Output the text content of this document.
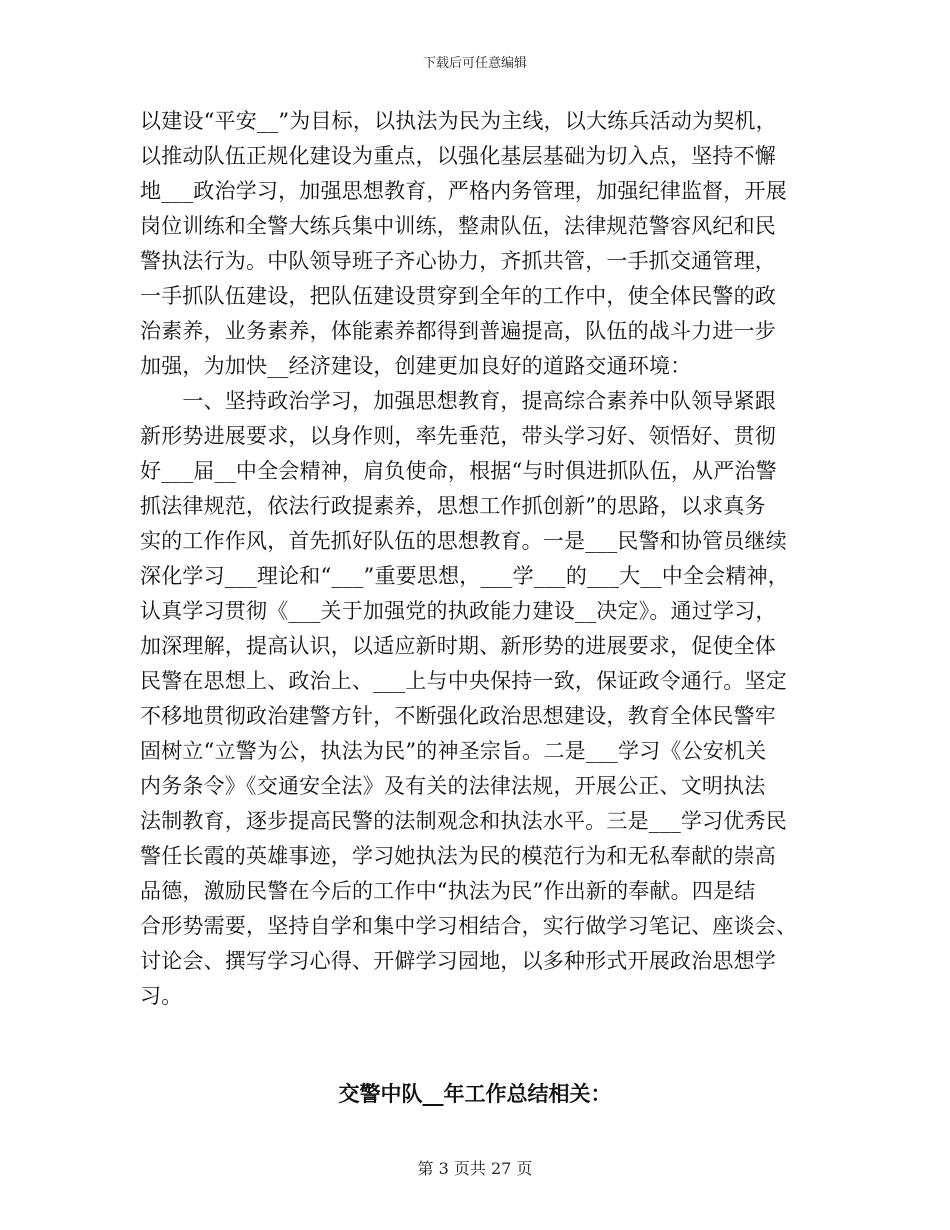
下载后可任意编辑
以建设“平安__”为目标，以执法为民为主线，以大练兵活动为契机，
以推动队伍正规化建设为重点，以强化基层基础为切入点，坚持不懈
地___政治学习，加强思想教育，严格内务管理，加强纪律监督，开展
岗位训练和全警大练兵集中训练，整肃队伍，法律规范警容风纪和民
警执法行为。中队领导班子齐心协力，齐抓共管，一手抓交通管理，
一手抓队伍建设，把队伍建设贯穿到全年的工作中，使全体民警的政
治素养，业务素养，体能素养都得到普遍提高，队伍的战斗力进一步
加强，为加快__经济建设，创建更加良好的道路交通环境：
　　一、坚持政治学习，加强思想教育，提高综合素养中队领导紧跟
新形势进展要求，以身作则，率先垂范，带头学习好、领悟好、贯彻
好___届__中全会精神，肩负使命，根据“与时俱进抓队伍，从严治警
抓法律规范，依法行政提素养，思想工作抓创新”的思路，以求真务
实的工作作风，首先抓好队伍的思想教育。一是___民警和协管员继续
深化学习___理论和“___”重要思想，___学___的___大__中全会精神，
认真学习贯彻《___关于加强党的执政能力建设__决定》。通过学习，
加深理解，提高认识，以适应新时期、新形势的进展要求，促使全体
民警在思想上、政治上、___上与中央保持一致，保证政令通行。坚定
不移地贯彻政治建警方针，不断强化政治思想建设，教育全体民警牢
固树立“立警为公，执法为民”的神圣宗旨。二是___学习《公安机关
内务条令》《交通安全法》及有关的法律法规，开展公正、文明执法
法制教育，逐步提高民警的法制观念和执法水平。三是___学习优秀民
警任长霞的英雄事迹，学习她执法为民的模范行为和无私奉献的崇高
品德，激励民警在今后的工作中“执法为民”作出新的奉献。四是结
合形势需要，坚持自学和集中学习相结合，实行做学习笔记、座谈会、
讨论会、撰写学习心得、开僻学习园地，以多种形式开展政治思想学
习。
交警中队__年工作总结相关：
第 3 页共 27 页
